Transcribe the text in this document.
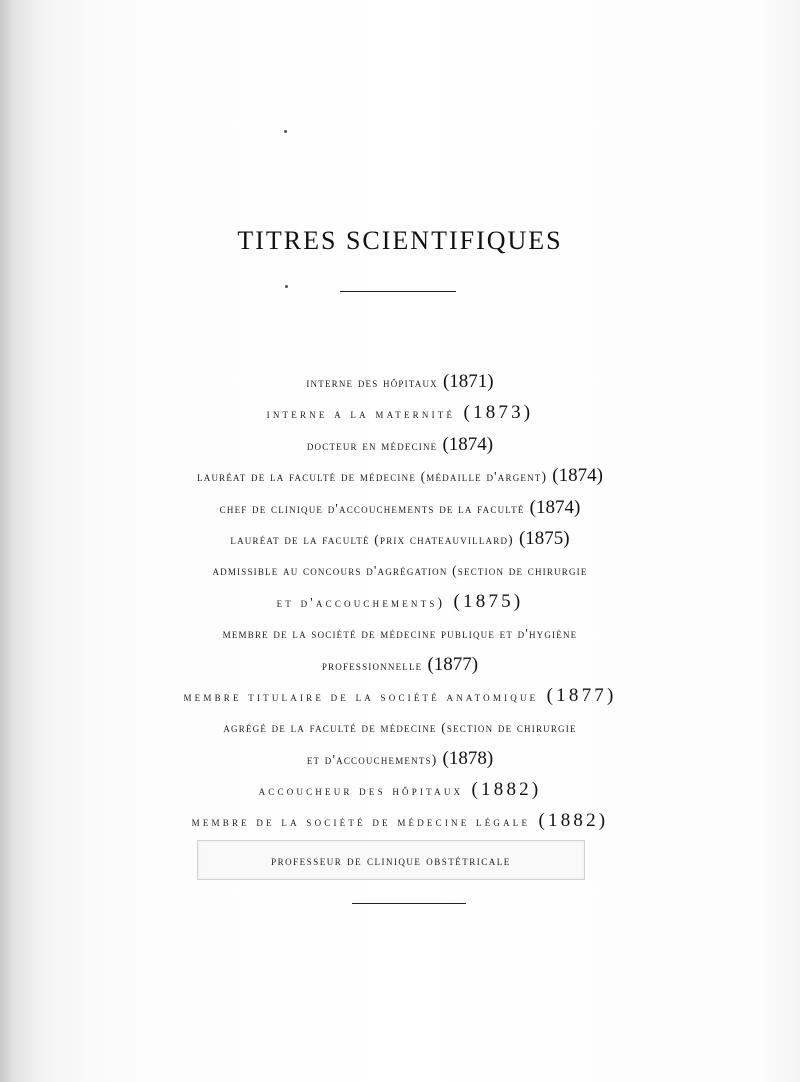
TITRES SCIENTIFIQUES
interne des hôpitaux (1871)
interne a la maternité (1873)
docteur en médecine (1874)
lauréat de la faculté de médecine (médaille d'argent) (1874)
chef de clinique d'accouchements de la faculté (1874)
lauréat de la faculté (prix chateauvillard) (1875)
admissible au concours d'agrégation (section de chirurgie
et d'accouchements) (1875)
membre de la société de médecine publique et d'hygiène
professionnelle (1877)
membre titulaire de la société anatomique (1877)
agrégé de la faculté de médecine (section de chirurgie
et d'accouchements) (1878)
accoucheur des hôpitaux (1882)
membre de la société de médecine légale (1882)
professeur de clinique obstétricale
